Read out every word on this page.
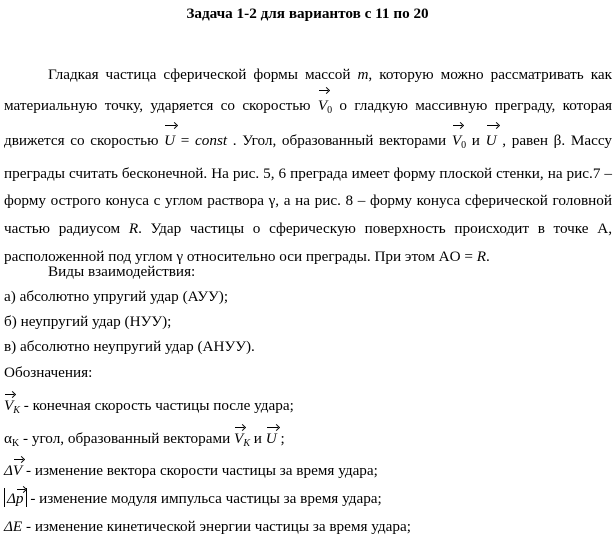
Задача 1-2 для вариантов с 11 по 20
Гладкая частица сферической формы массой m, которую можно рассматривать как материальную точку, ударяется со скоростью $V_0$ о гладкую массивную преграду, которая движется со скоростью U = const . Угол, образованный векторами $V_0$ и U , равен β. Массу преграды считать бесконечной. На рис. 5, 6 преграда имеет форму плоской стенки, на рис.7 – форму острого конуса с углом раствора γ, а на рис. 8 – форму конуса сферической головной частью радиусом R. Удар частицы о сферическую поверхность происходит в точке A, расположенной под углом γ относительно оси преграды. При этом AO = R.
Виды взаимодействия:
а) абсолютно упругий удар (АУУ);
б) неупругий удар (НУУ);
в) абсолютно неупругий удар (АНУУ).
Обозначения:
VK - конечная скорость частицы после удара;
$\alpha_K$ - угол, образованный векторами VK и U ;
ΔV - изменение вектора скорости частицы за время удара;
Δp - изменение модуля импульса частицы за время удара;
ΔE - изменение кинетической энергии частицы за время удара;
